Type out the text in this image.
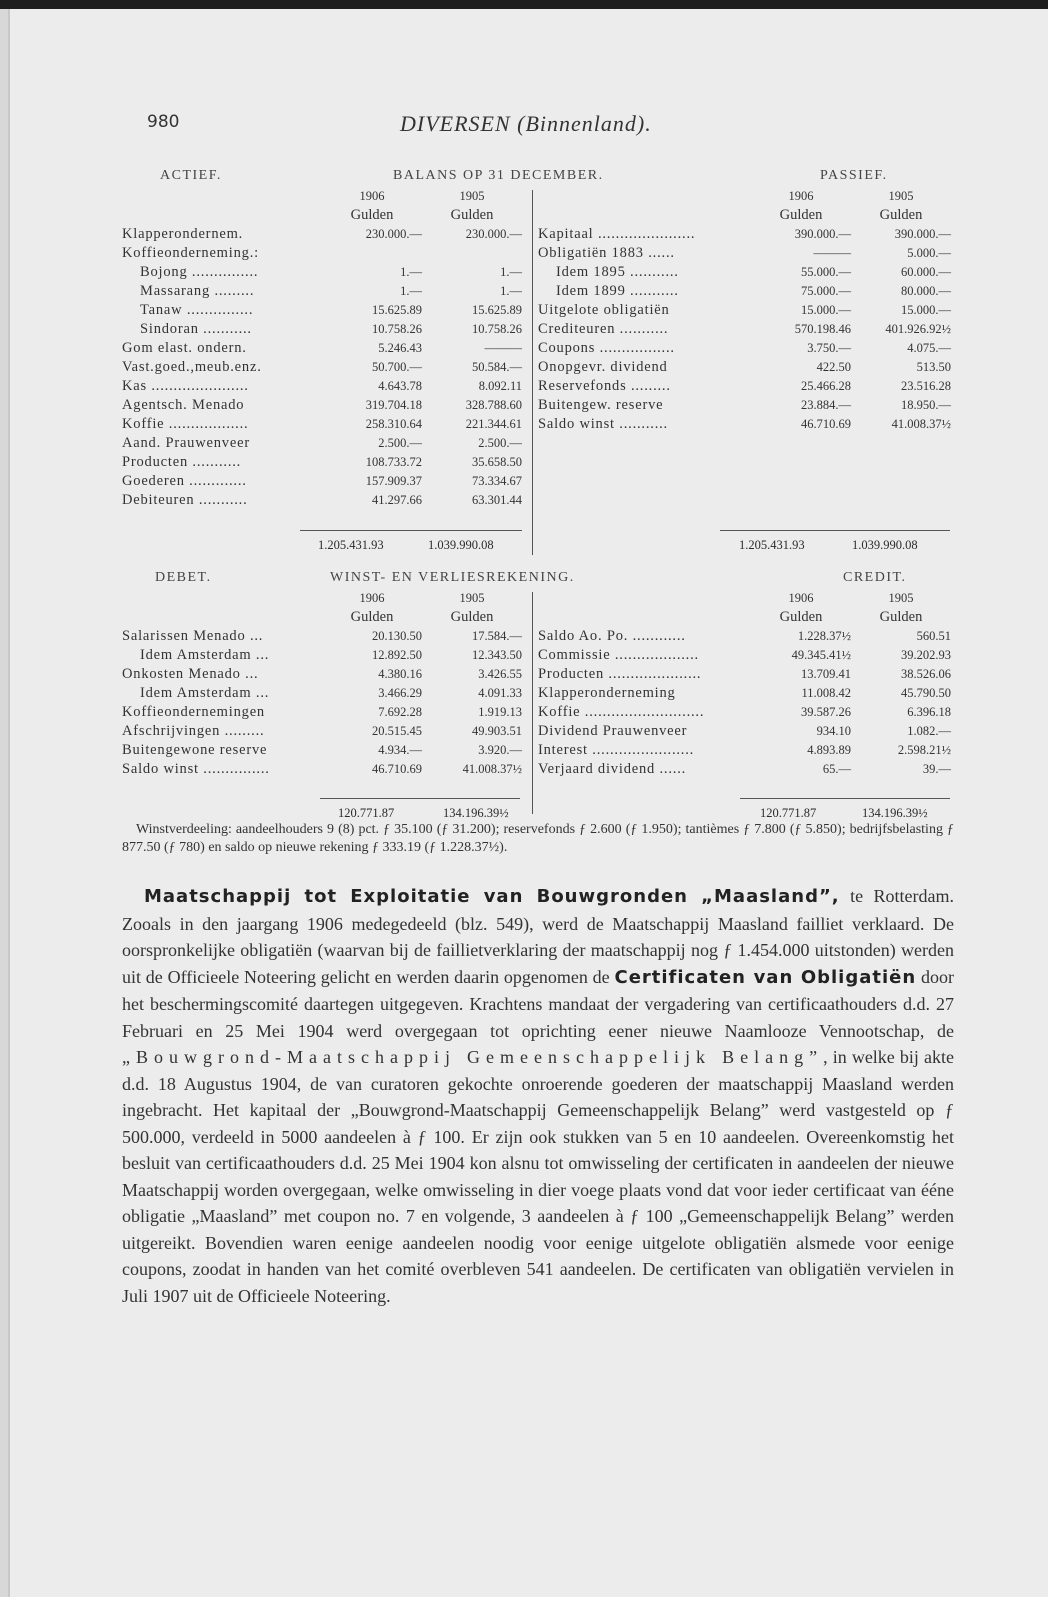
980	DIVERSEN (Binnenland).
ACTIEF.	BALANS OP 31 DECEMBER.	PASSIEF.
1906	1905
Gulden	Gulden
Klapperondernem.	230.000.—	230.000.—
Koffieonderneming.:
Bojong ...............	1.—	1.—
Massarang .........	1.—	1.—
Tanaw ...............	15.625.89	15.625.89
Sindoran ...........	10.758.26	10.758.26
Gom elast. ondern.	5.246.43	———
Vast.goed.,meub.enz.	50.700.—	50.584.—
Kas ......................	4.643.78	8.092.11
Agentsch. Menado	319.704.18	328.788.60
Koffie ..................	258.310.64	221.344.61
Aand. Prauwenveer	2.500.—	2.500.—
Producten ...........	108.733.72	35.658.50
Goederen .............	157.909.37	73.334.67
Debiteuren ...........	41.297.66	63.301.44
1906	1905
Gulden	Gulden
Kapitaal ......................	390.000.—	390.000.—
Obligatiën 1883 ......	———	5.000.—
Idem 1895 ...........	55.000.—	60.000.—
Idem 1899 ...........	75.000.—	80.000.—
Uitgelote obligatiën	15.000.—	15.000.—
Crediteuren ...........	570.198.46	401.926.92½
Coupons .................	3.750.—	4.075.—
Onopgevr. dividend	422.50	513.50
Reservefonds .........	25.466.28	23.516.28
Buitengew. reserve	23.884.—	18.950.—
Saldo winst ...........	46.710.69	41.008.37½
1.205.431.93	1.039.990.08	1.205.431.93	1.039.990.08
DEBET.	WINST- EN VERLIESREKENING.	CREDIT.
1906	1905
Gulden	Gulden
Salarissen Menado ...	20.130.50	17.584.—
Idem Amsterdam ...	12.892.50	12.343.50
Onkosten Menado ...	4.380.16	3.426.55
Idem Amsterdam ...	3.466.29	4.091.33
Koffieondernemingen	7.692.28	1.919.13
Afschrijvingen .........	20.515.45	49.903.51
Buitengewone reserve	4.934.—	3.920.—
Saldo winst ...............	46.710.69	41.008.37½
1906	1905
Gulden	Gulden
Saldo Ao. Po. ............	1.228.37½	560.51
Commissie ...................	49.345.41½	39.202.93
Producten .....................	13.709.41	38.526.06
Klapperonderneming	11.008.42	45.790.50
Koffie ...........................	39.587.26	6.396.18
Dividend Prauwenveer	934.10	1.082.—
Interest .......................	4.893.89	2.598.21½
Verjaard dividend ......	65.—	39.—
120.771.87	134.196.39½	120.771.87	134.196.39½
Winstverdeeling: aandeelhouders 9 (8) pct. ƒ 35.100 (ƒ 31.200); reservefonds ƒ 2.600 (ƒ 1.950); tantièmes ƒ 7.800 (ƒ 5.850); bedrijfsbelasting ƒ 877.50 (ƒ 780) en saldo op nieuwe rekening ƒ 333.19 (ƒ 1.228.37½).
Maatschappij tot Exploitatie van Bouwgronden „Maasland”, te Rotterdam. Zooals in den jaargang 1906 medegedeeld (blz. 549), werd de Maatschappij Maasland failliet verklaard. De oorspronkelijke obligatiën (waarvan bij de faillietverklaring der maatschappij nog ƒ 1.454.000 uitstonden) werden uit de Officieele Noteering gelicht en werden daarin opgenomen de Certificaten van Obligatiën door het beschermingscomité daartegen uitgegeven. Krachtens mandaat der vergadering van certificaathouders d.d. 27 Februari en 25 Mei 1904 werd overgegaan tot oprichting eener nieuwe Naamlooze Vennootschap, de „Bouwgrond-Maatschappij Gemeenschappelijk Belang”, in welke bij akte d.d. 18 Augustus 1904, de van curatoren gekochte onroerende goederen der maatschappij Maasland werden ingebracht. Het kapitaal der „Bouwgrond-Maatschappij Gemeenschappelijk Belang” werd vastgesteld op ƒ 500.000, verdeeld in 5000 aandeelen à ƒ 100. Er zijn ook stukken van 5 en 10 aandeelen. Overeenkomstig het besluit van certificaathouders d.d. 25 Mei 1904 kon alsnu tot omwisseling der certificaten in aandeelen der nieuwe Maatschappij worden overgegaan, welke omwisseling in dier voege plaats vond dat voor ieder certificaat van ééne obligatie „Maasland” met coupon no. 7 en volgende, 3 aandeelen à ƒ 100 „Gemeenschappelijk Belang” werden uitgereikt. Bovendien waren eenige aandeelen noodig voor eenige uitgelote obligatiën alsmede voor eenige coupons, zoodat in handen van het comité overbleven 541 aandeelen. De certificaten van obligatiën vervielen in Juli 1907 uit de Officieele Noteering.
